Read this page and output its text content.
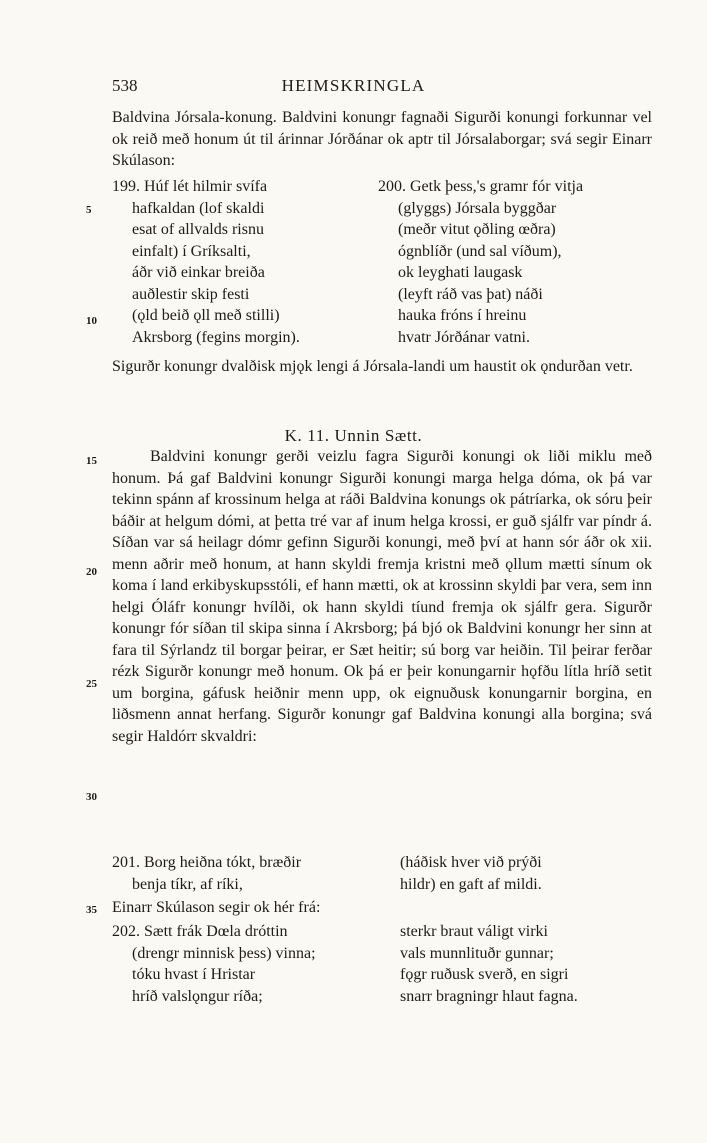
538	HEIMSKRINGLA

Baldvina Jórsala-konung. Baldvini konungr fagnaði Sigurði konungi forkunnar vel ok reið með honum út til árinnar Jórðánar ok aptr til Jórsalaborgar; svá segir Einarr Skúlason:

199. Húf lét hilmir svífa
hafkaldan (lof skaldi
esat of allvalds risnu
einfalt) í Gríksalti,
áðr við einkar breiða
auðlestir skip festi
(ǫld beið ǫll með stilli)
Akrsborg (fegins morgin).
200. Getk þess,'s gramr fór vitja
(glyggs) Jórsala byggðar
(meðr vitut ǫðling œðra)
ógnblíðr (und sal víðum),
ok leyghati laugask
(leyft ráð vas þat) náði
hauka fróns í hreinu
hvatr Jórðánar vatni.

Sigurðr konungr dvalðisk mjǫk lengi á Jórsala-landi um haustit ok ǫndurðan vetr.

K. 11. Unnin Sætt.

Baldvini konungr gerði veizlu fagra Sigurði konungi ok liði miklu með honum. Þá gaf Baldvini konungr Sigurði konungi marga helga dóma, ok þá var tekinn spánn af krossinum helga at ráði Baldvina konungs ok pátríarka, ok sóru þeir báðir at helgum dómi, at þetta tré var af inum helga krossi, er guð sjálfr var píndr á. Síðan var sá heilagr dómr gefinn Sigurði konungi, með því at hann sór áðr ok xii. menn aðrir með honum, at hann skyldi fremja kristni með ǫllum mætti sínum ok koma í land erkibyskupsstóli, ef hann mætti, ok at krossinn skyldi þar vera, sem inn helgi Óláfr konungr hvílði, ok hann skyldi tíund fremja ok sjálfr gera. Sigurðr konungr fór síðan til skipa sinna í Akrsborg; þá bjó ok Baldvini konungr her sinn at fara til Sýrlandz til borgar þeirar, er Sæt heitir; sú borg var heiðin. Til þeirar ferðar rézk Sigurðr konungr með honum. Ok þá er þeir konungarnir hǫfðu lítla hríð setit um borgina, gáfusk heiðnir menn upp, ok eignuðusk konungarnir borgina, en liðsmenn annat herfang. Sigurðr konungr gaf Baldvina konungi alla borgina; svá segir Haldórr skvaldri:

201. Borg heiðna tókt, bræðir
benja tíkr, af ríki,
(háðisk hver við prýði
hildr) en gaft af mildi.
Einarr Skúlason segir ok hér frá:
202. Sætt frák Dœla dróttin
(drengr minnisk þess) vinna;
tóku hvast í Hristar
hríð valslǫngur ríða;
sterkr braut váligt virki
vals munnlituðr gunnar;
fǫgr ruðusk sverð, en sigri
snarr bragningr hlaut fagna.
5
10
15
20
25
30
35
